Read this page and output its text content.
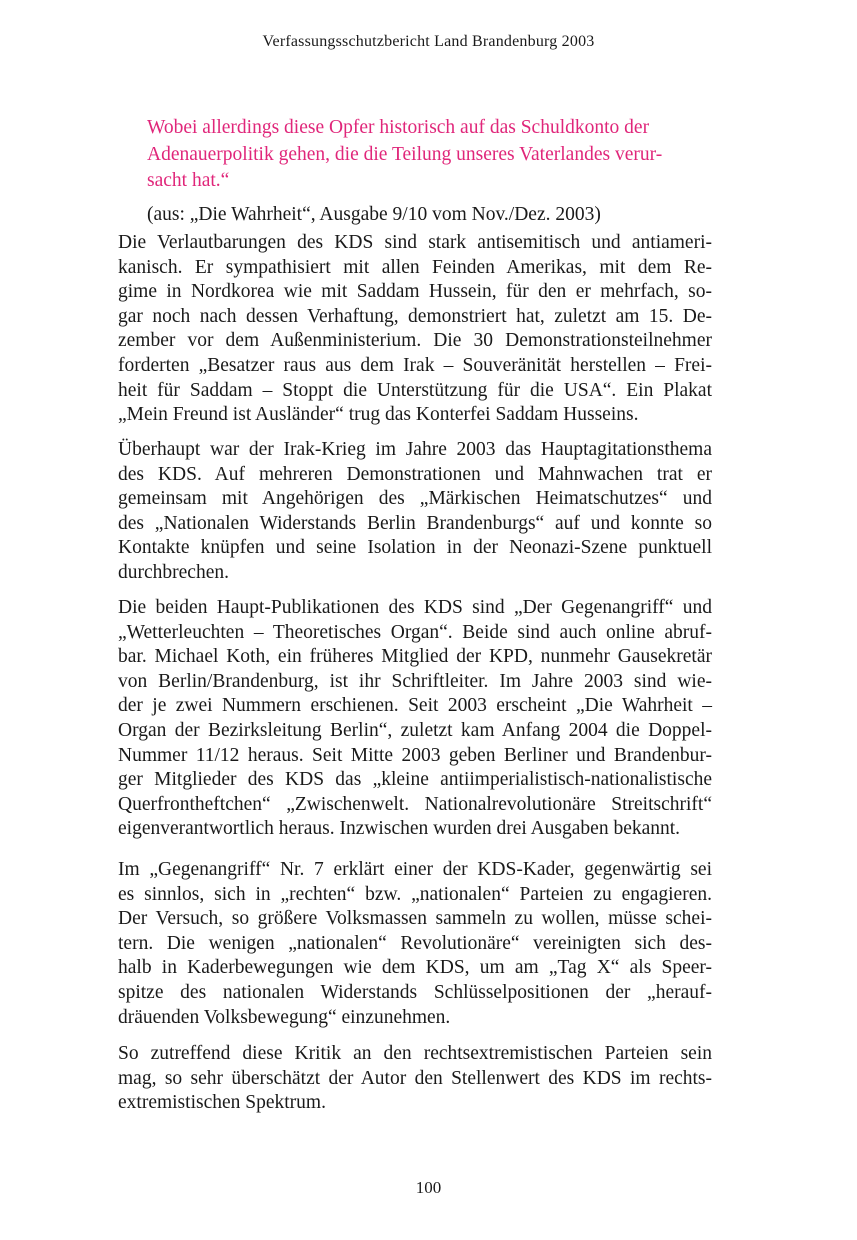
Verfassungsschutzbericht Land Brandenburg 2003
Wobei allerdings diese Opfer historisch auf das Schuldkonto der
Adenauerpolitik gehen, die die Teilung unseres Vaterlandes verur-
sacht hat.“
(aus: „Die Wahrheit“, Ausgabe 9/10 vom Nov./Dez. 2003)
Die Verlautbarungen des KDS sind stark antisemitisch und antiameri-
kanisch. Er sympathisiert mit allen Feinden Amerikas, mit dem Re-
gime in Nordkorea wie mit Saddam Hussein, für den er mehrfach, so-
gar noch nach dessen Verhaftung, demonstriert hat, zuletzt am 15. De-
zember vor dem Außenministerium. Die 30 Demonstrationsteilnehmer
forderten „Besatzer raus aus dem Irak – Souveränität herstellen – Frei-
heit für Saddam – Stoppt die Unterstützung für die USA“. Ein Plakat
„Mein Freund ist Ausländer“ trug das Konterfei Saddam Husseins.
Überhaupt war der Irak-Krieg im Jahre 2003 das Hauptagitationsthema
des KDS. Auf mehreren Demonstrationen und Mahnwachen trat er
gemeinsam mit Angehörigen des „Märkischen Heimatschutzes“ und
des „Nationalen Widerstands Berlin Brandenburgs“ auf und konnte so
Kontakte knüpfen und seine Isolation in der Neonazi-Szene punktuell
durchbrechen.
Die beiden Haupt-Publikationen des KDS sind „Der Gegenangriff“ und
„Wetterleuchten – Theoretisches Organ“. Beide sind auch online abruf-
bar. Michael Koth, ein früheres Mitglied der KPD, nunmehr Gausekretär
von Berlin/Brandenburg, ist ihr Schriftleiter. Im Jahre 2003 sind wie-
der je zwei Nummern erschienen. Seit 2003 erscheint „Die Wahrheit –
Organ der Bezirksleitung Berlin“, zuletzt kam Anfang 2004 die Doppel-
Nummer 11/12 heraus. Seit Mitte 2003 geben Berliner und Brandenbur-
ger Mitglieder des KDS das „kleine antiimperialistisch-nationalistische
Querfrontheftchen“ „Zwischenwelt. Nationalrevolutionäre Streitschrift“
eigenverantwortlich heraus. Inzwischen wurden drei Ausgaben bekannt.
Im „Gegenangriff“ Nr. 7 erklärt einer der KDS-Kader, gegenwärtig sei
es sinnlos, sich in „rechten“ bzw. „nationalen“ Parteien zu engagieren.
Der Versuch, so größere Volksmassen sammeln zu wollen, müsse schei-
tern. Die wenigen „nationalen“ Revolutionäre“ vereinigten sich des-
halb in Kaderbewegungen wie dem KDS, um am „Tag X“ als Speer-
spitze des nationalen Widerstands Schlüsselpositionen der „herauf-
dräuenden Volksbewegung“ einzunehmen.
So zutreffend diese Kritik an den rechtsextremistischen Parteien sein
mag, so sehr überschätzt der Autor den Stellenwert des KDS im rechts-
extremistischen Spektrum.
100
